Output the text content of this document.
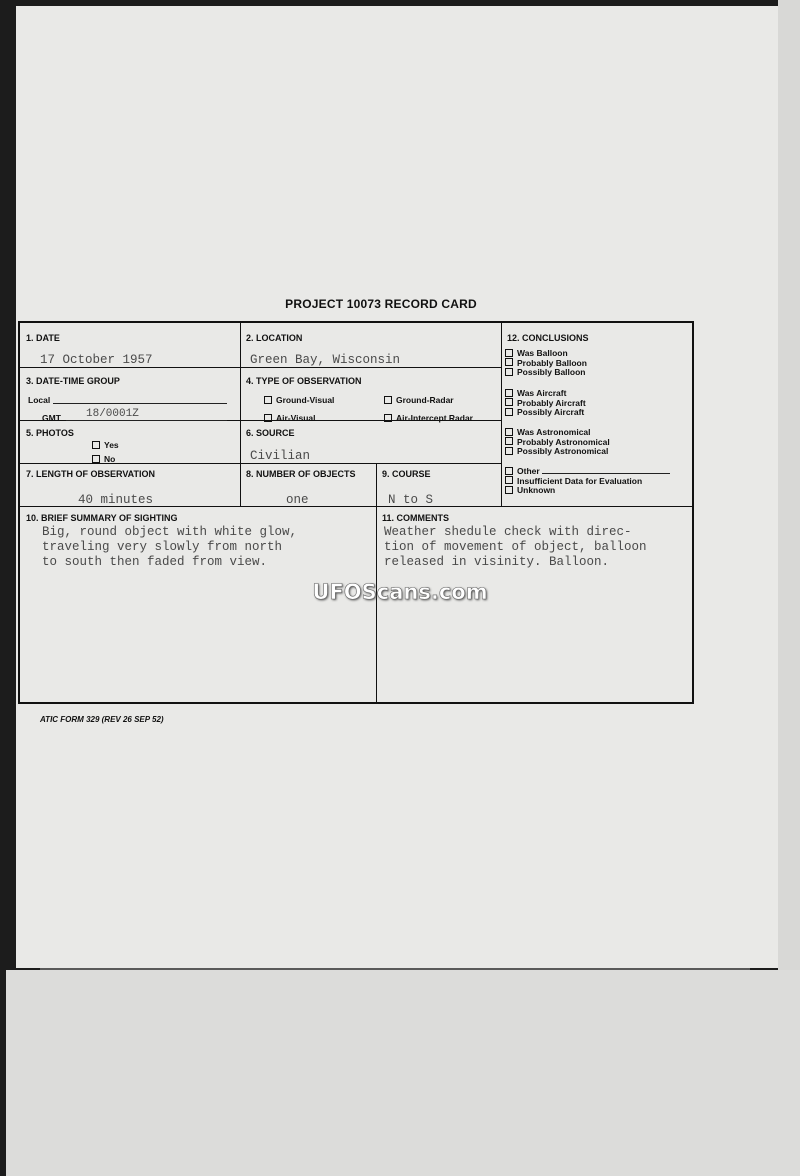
PROJECT 10073 RECORD CARD
1. DATE
17 October 1957
2. LOCATION
Green Bay, Wisconsin
3. DATE-TIME GROUP
Local
GMT 18/0001Z
4. TYPE OF OBSERVATION
Ground-Visual	Ground-Radar
Air-Visual	Air-Intercept Radar
5. PHOTOS
Yes
No
6. SOURCE
Civilian
7. LENGTH OF OBSERVATION
40 minutes
8. NUMBER OF OBJECTS
one
9. COURSE
N to S
10. BRIEF SUMMARY OF SIGHTING
Big, round object with white glow,
traveling very slowly from north
to south then faded from view.
11. COMMENTS
Weather shedule check with direc-
tion of movement of object, balloon
released in visinity. Balloon.
12. CONCLUSIONS
Was Balloon
Probably Balloon
Possibly Balloon
Was Aircraft
Probably Aircraft
Possibly Aircraft
Was Astronomical
Probably Astronomical
Possibly Astronomical
Other
Insufficient Data for Evaluation
Unknown
UFOScans.com
ATIC FORM 329 (REV 26 SEP 52)
